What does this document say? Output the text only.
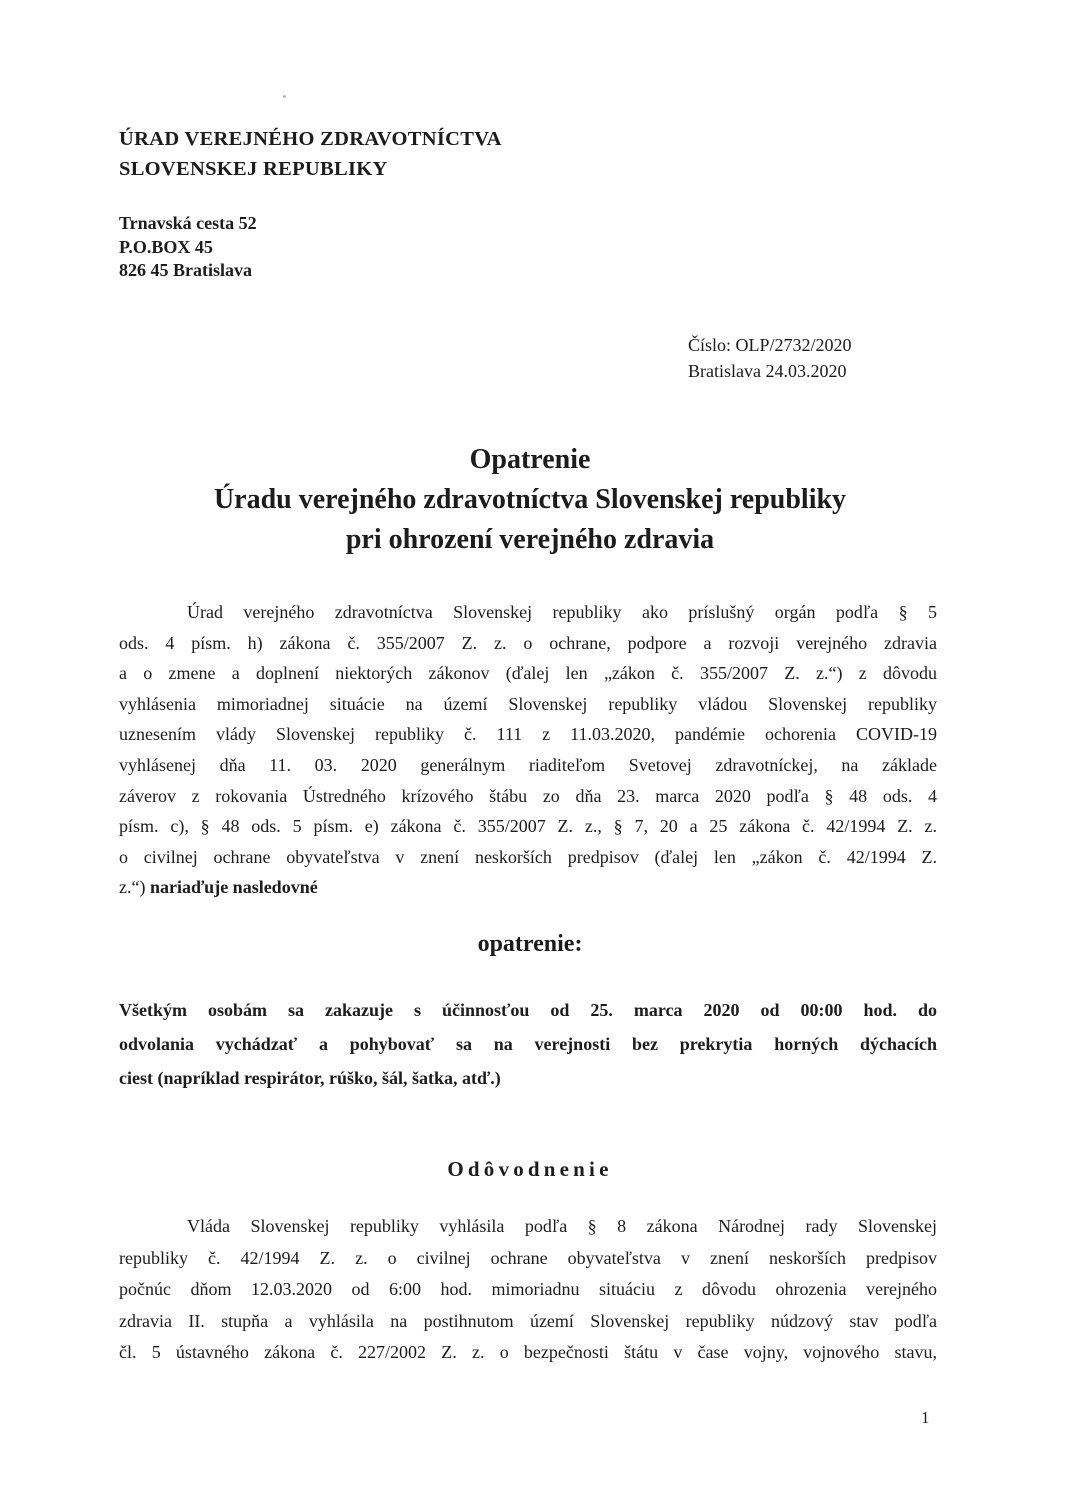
ÚRAD VEREJNÉHO ZDRAVOTNÍCTVA
SLOVENSKEJ REPUBLIKY
Trnavská cesta 52
P.O.BOX 45
826 45 Bratislava
Číslo: OLP/2732/2020
Bratislava 24.03.2020
Opatrenie
Úradu verejného zdravotníctva Slovenskej republiky
pri ohrození verejného zdravia
Úrad verejného zdravotníctva Slovenskej republiky ako príslušný orgán podľa § 5
ods. 4 písm. h) zákona č. 355/2007 Z. z. o ochrane, podpore a rozvoji verejného zdravia
a o zmene a doplnení niektorých zákonov (ďalej len „zákon č. 355/2007 Z. z.“) z dôvodu
vyhlásenia mimoriadnej situácie na území Slovenskej republiky vládou Slovenskej republiky
uznesením vlády Slovenskej republiky č. 111 z 11.03.2020, pandémie ochorenia COVID-19
vyhlásenej dňa 11. 03. 2020 generálnym riaditeľom Svetovej zdravotníckej, na základe
záverov z rokovania Ústredného krízového štábu zo dňa 23. marca 2020 podľa § 48 ods. 4
písm. c), § 48 ods. 5 písm. e) zákona č. 355/2007 Z. z., § 7, 20 a 25 zákona č. 42/1994 Z. z.
o civilnej ochrane obyvateľstva v znení neskorších predpisov (ďalej len „zákon č. 42/1994 Z.
z.“) nariaďuje nasledovné
opatrenie:
Všetkým osobám sa zakazuje s účinnosťou od 25. marca 2020 od 00:00 hod. do
odvolania vychádzať a pohybovať sa na verejnosti bez prekrytia horných dýchacích
ciest (napríklad respirátor, rúško, šál, šatka, atď.)
Odôvodnenie
Vláda Slovenskej republiky vyhlásila podľa § 8 zákona Národnej rady Slovenskej
republiky č. 42/1994 Z. z. o civilnej ochrane obyvateľstva v znení neskorších predpisov
počnúc dňom 12.03.2020 od 6:00 hod. mimoriadnu situáciu z dôvodu ohrozenia verejného
zdravia II. stupňa a vyhlásila na postihnutom území Slovenskej republiky núdzový stav podľa
čl. 5 ústavného zákona č. 227/2002 Z. z. o bezpečnosti štátu v čase vojny, vojnového stavu,
1
